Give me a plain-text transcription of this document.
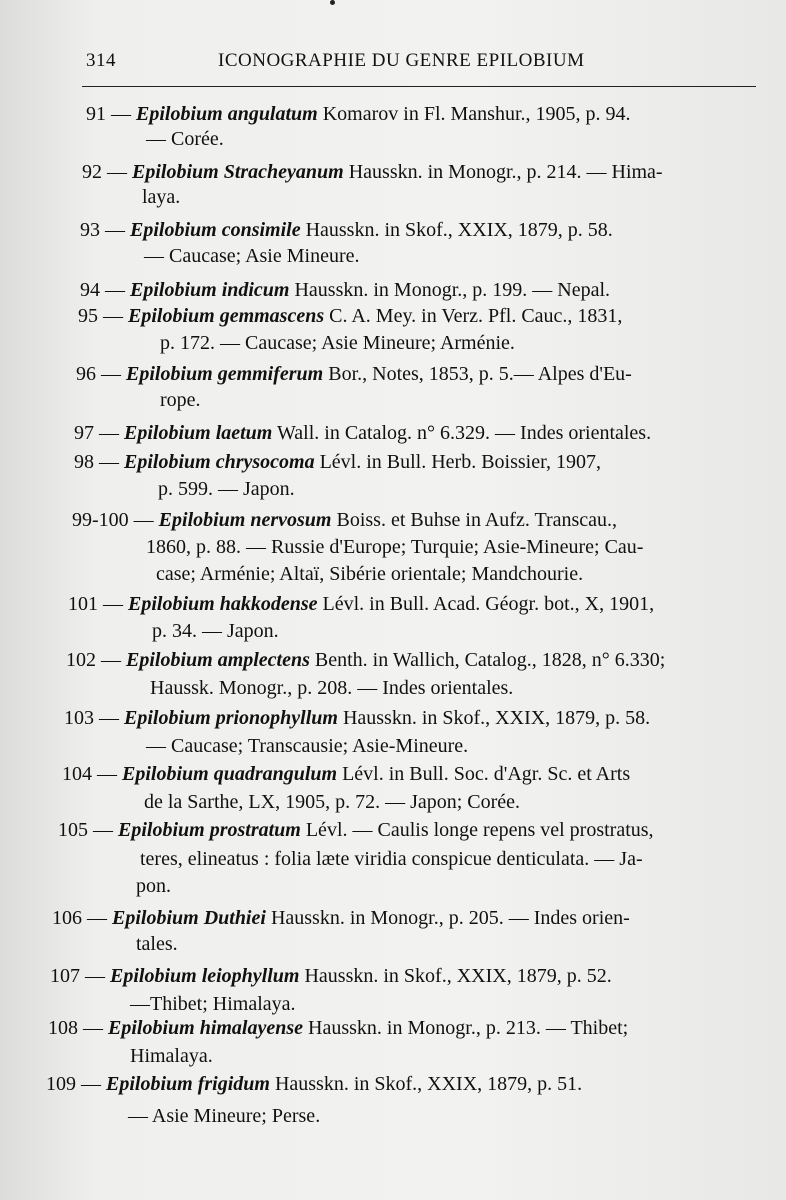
314	ICONOGRAPHIE DU GENRE EPILOBIUM
91 — Epilobium angulatum Komarov in Fl. Manshur., 1905, p. 94.
— Corée.
92 — Epilobium Stracheyanum Hausskn. in Monogr., p. 214. — Hima-
laya.
93 — Epilobium consimile Hausskn. in Skof., XXIX, 1879, p. 58.
— Caucase; Asie Mineure.
94 — Epilobium indicum Hausskn. in Monogr., p. 199. — Nepal.
95 — Epilobium gemmascens C. A. Mey. in Verz. Pfl. Cauc., 1831,
p. 172. — Caucase; Asie Mineure; Arménie.
96 — Epilobium gemmiferum Bor., Notes, 1853, p. 5.— Alpes d'Eu-
rope.
97 — Epilobium laetum Wall. in Catalog. n° 6.329. — Indes orientales.
98 — Epilobium chrysocoma Lévl. in Bull. Herb. Boissier, 1907,
p. 599. — Japon.
99-100 — Epilobium nervosum Boiss. et Buhse in Aufz. Transcau.,
1860, p. 88. — Russie d'Europe; Turquie; Asie-Mineure; Cau-
case; Arménie; Altaï, Sibérie orientale; Mandchourie.
101 — Epilobium hakkodense Lévl. in Bull. Acad. Géogr. bot., X, 1901,
p. 34. — Japon.
102 — Epilobium amplectens Benth. in Wallich, Catalog., 1828, n° 6.330;
Haussk. Monogr., p. 208. — Indes orientales.
103 — Epilobium prionophyllum Hausskn. in Skof., XXIX, 1879, p. 58.
— Caucase; Transcausie; Asie-Mineure.
104 — Epilobium quadrangulum Lévl. in Bull. Soc. d'Agr. Sc. et Arts
de la Sarthe, LX, 1905, p. 72. — Japon; Corée.
105 — Epilobium prostratum Lévl. — Caulis longe repens vel prostratus,
teres, elineatus : folia læte viridia conspicue denticulata. — Ja-
pon.
106 — Epilobium Duthiei Hausskn. in Monogr., p. 205. — Indes orien-
tales.
107 — Epilobium leiophyllum Hausskn. in Skof., XXIX, 1879, p. 52.
—Thibet; Himalaya.
108 — Epilobium himalayense Hausskn. in Monogr., p. 213. — Thibet;
Himalaya.
109 — Epilobium frigidum Hausskn. in Skof., XXIX, 1879, p. 51.
— Asie Mineure; Perse.
